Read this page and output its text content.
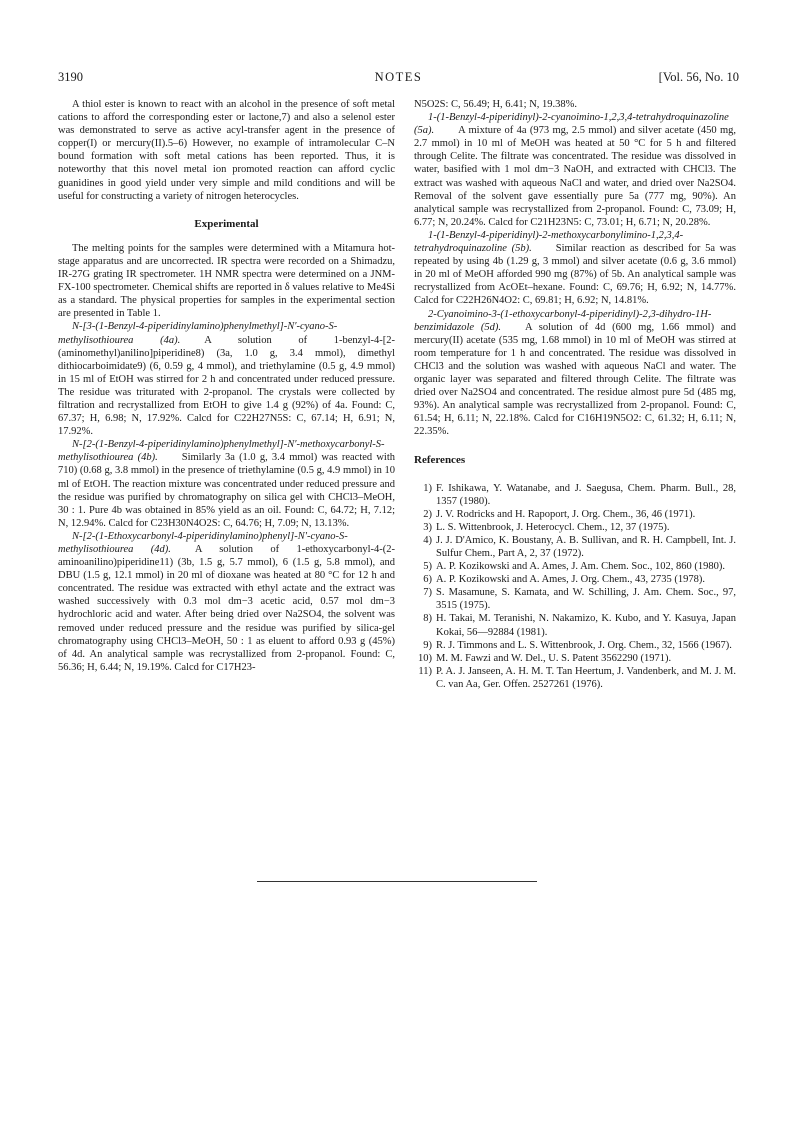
3190	NOTES	[Vol. 56, No. 10

A thiol ester is known to react with an alcohol in the presence of soft metal cations to afford the corresponding ester or lactone,7) and also a selenol ester was demonstrated to serve as active acyl-transfer agent in the presence of copper(I) or mercury(II).5–6) However, no example of intramolecular C–N bound formation with soft metal cations has been reported. Thus, it is noteworthy that this novel metal ion promoted reaction can afford cyclic guanidines in good yield under very simple and mild conditions and will be useful for constructing a variety of nitrogen heterocycles.

Experimental

The melting points for the samples were determined with a Mitamura hot-stage apparatus and are uncorrected. IR spectra were recorded on a Shimadzu, IR-27G grating IR spectrometer. 1H NMR spectra were determined on a JNM-FX-100 spectrometer. Chemical shifts are reported in δ values relative to Me4Si as a standard. The physical properties for samples in the experimental section are presented in Table 1.

N-[3-(1-Benzyl-4-piperidinylamino)phenylmethyl]-N′-cyano-S-methylisothiourea (4a). A solution of 1-benzyl-4-[2-(aminomethyl)anilino]piperidine8) (3a, 1.0 g, 3.4 mmol), dimethyl dithiocarboimidate9) (6, 0.59 g, 4 mmol), and triethylamine (0.5 g, 4.9 mmol) in 15 ml of EtOH was stirred for 2 h and concentrated under reduced pressure. The residue was triturated with 2-propanol. The crystals were collected by filtration and recrystallized from EtOH to give 1.4 g (92%) of 4a. Found: C, 67.37; H, 6.98; N, 17.92%. Calcd for C22H27N5S: C, 67.14; H, 6.91; N, 17.92%.

N-[2-(1-Benzyl-4-piperidinylamino)phenylmethyl]-N′-methoxycarbonyl-S-methylisothiourea (4b). Similarly 3a (1.0 g, 3.4 mmol) was reacted with 710) (0.68 g, 3.8 mmol) in the presence of triethylamine (0.5 g, 4.9 mmol) in 10 ml of EtOH. The reaction mixture was concentrated under reduced pressure and the residue was purified by chromatography on silica gel with CHCl3–MeOH, 30 : 1. Pure 4b was obtained in 85% yield as an oil. Found: C, 64.72; H, 7.12; N, 12.94%. Calcd for C23H30N4O2S: C, 64.76; H, 7.09; N, 13.13%.

N-[2-(1-Ethoxycarbonyl-4-piperidinylamino)phenyl]-N′-cyano-S-methylisothiourea (4d). A solution of 1-ethoxycarbonyl-4-(2-aminoanilino)piperidine11) (3b, 1.5 g, 5.7 mmol), 6 (1.5 g, 5.8 mmol), and DBU (1.5 g, 12.1 mmol) in 20 ml of dioxane was heated at 80 °C for 12 h and concentrated. The residue was extracted with ethyl actate and the extract was washed successively with 0.3 mol dm−3 acetic acid, 0.57 mol dm−3 hydrochloric acid and water. After being dried over Na2SO4, the solvent was removed under reduced pressure and the residue was purified by silica-gel chromatography using CHCl3–MeOH, 50 : 1 as eluent to afford 0.93 g (45%) of 4d. An analytical sample was recrystallized from 2-propanol. Found: C, 56.36; H, 6.44; N, 19.19%. Calcd for C17H23-

N5O2S: C, 56.49; H, 6.41; N, 19.38%.

1-(1-Benzyl-4-piperidinyl)-2-cyanoimino-1,2,3,4-tetrahydroquinazoline (5a). A mixture of 4a (973 mg, 2.5 mmol) and silver acetate (450 mg, 2.7 mmol) in 10 ml of MeOH was heated at 50 °C for 5 h and filtered through Celite. The filtrate was concentrated. The residue was dissolved in water, basified with 1 mol dm−3 NaOH, and extracted with CHCl3. The extract was washed with aqueous NaCl and water, and dried over Na2SO4. Removal of the solvent gave essentially pure 5a (777 mg, 90%). An analytical sample was recrystallized from 2-propanol. Found: C, 73.09; H, 6.77; N, 20.24%. Calcd for C21H23N5: C, 73.01; H, 6.71; N, 20.28%.

1-(1-Benzyl-4-piperidinyl)-2-methoxycarbonylimino-1,2,3,4-tetrahydroquinazoline (5b). Similar reaction as described for 5a was repeated by using 4b (1.29 g, 3 mmol) and silver acetate (0.6 g, 3.6 mmol) in 20 ml of MeOH afforded 990 mg (87%) of 5b. An analytical sample was recrystallized from AcOEt–hexane. Found: C, 69.76; H, 6.92; N, 14.77%. Calcd for C22H26N4O2: C, 69.81; H, 6.92; N, 14.81%.

2-Cyanoimino-3-(1-ethoxycarbonyl-4-piperidinyl)-2,3-dihydro-1H-benzimidazole (5d). A solution of 4d (600 mg, 1.66 mmol) and mercury(II) acetate (535 mg, 1.68 mmol) in 10 ml of MeOH was stirred at room temperature for 1 h and concentrated. The residue was dissolved in CHCl3 and the solution was washed with aqueous NaCl and water. The organic layer was separated and filtered through Celite. The filtrate was dried over Na2SO4 and concentrated. The residue almost pure 5d (485 mg, 93%). An analytical sample was recrystallized from 2-propanol. Found: C, 61.54; H, 6.11; N, 22.18%. Calcd for C16H19N5O2: C, 61.32; H, 6.11; N, 22.35%.

References
1) F. Ishikawa, Y. Watanabe, and J. Saegusa, Chem. Pharm. Bull., 28, 1357 (1980).
2) J. V. Rodricks and H. Rapoport, J. Org. Chem., 36, 46 (1971).
3) L. S. Wittenbrook, J. Heterocycl. Chem., 12, 37 (1975).
4) J. J. D'Amico, K. Boustany, A. B. Sullivan, and R. H. Campbell, Int. J. Sulfur Chem., Part A, 2, 37 (1972).
5) A. P. Kozikowski and A. Ames, J. Am. Chem. Soc., 102, 860 (1980).
6) A. P. Kozikowski and A. Ames, J. Org. Chem., 43, 2735 (1978).
7) S. Masamune, S. Kamata, and W. Schilling, J. Am. Chem. Soc., 97, 3515 (1975).
8) H. Takai, M. Teranishi, N. Nakamizo, K. Kubo, and Y. Kasuya, Japan Kokai, 56—92884 (1981).
9) R. J. Timmons and L. S. Wittenbrook, J. Org. Chem., 32, 1566 (1967).
10) M. M. Fawzi and W. Del., U. S. Patent 3562290 (1971).
11) P. A. J. Janseen, A. H. M. T. Tan Heertum, J. Vandenberk, and M. J. M. C. van Aa, Ger. Offen. 2527261 (1976).
